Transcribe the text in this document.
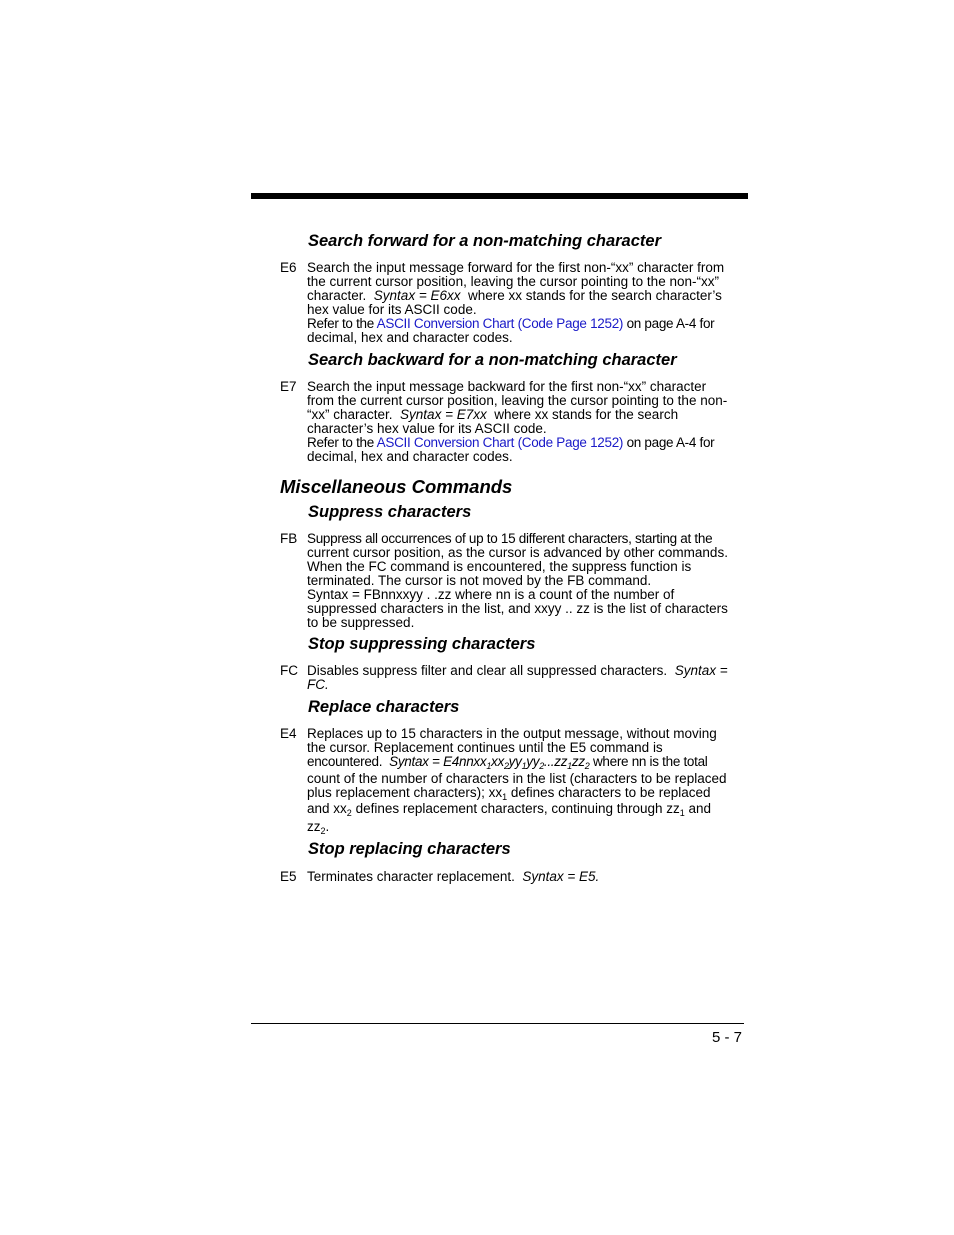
Search forward for a non-matching character
E6 Search the input message forward for the first non-“xx” character from
the current cursor position, leaving the cursor pointing to the non-“xx”
character. Syntax = E6xx where xx stands for the search character’s
hex value for its ASCII code.
Refer to the ASCII Conversion Chart (Code Page 1252) on page A-4 for
decimal, hex and character codes.
Search backward for a non-matching character
E7 Search the input message backward for the first non-“xx” character
from the current cursor position, leaving the cursor pointing to the non-
“xx” character. Syntax = E7xx where xx stands for the search
character’s hex value for its ASCII code.
Refer to the ASCII Conversion Chart (Code Page 1252) on page A-4 for
decimal, hex and character codes.
Miscellaneous Commands
Suppress characters
FB Suppress all occurrences of up to 15 different characters, starting at the
current cursor position, as the cursor is advanced by other commands.
When the FC command is encountered, the suppress function is
terminated. The cursor is not moved by the FB command.
Syntax = FBnnxxyy . .zz where nn is a count of the number of
suppressed characters in the list, and xxyy .. zz is the list of characters
to be suppressed.
Stop suppressing characters
FC Disables suppress filter and clear all suppressed characters. Syntax =
FC.
Replace characters
E4 Replaces up to 15 characters in the output message, without moving
the cursor. Replacement continues until the E5 command is
encountered. Syntax = $E4nnxx_1xx_2yy_1yy_2...zz_1zz_2$ where nn is the total
count of the number of characters in the list (characters to be replaced
plus replacement characters); $xx_1$ defines characters to be replaced
and $xx_2$ defines replacement characters, continuing through $zz_1$ and
$zz_2$.
Stop replacing characters
E5 Terminates character replacement. Syntax = E5.
5 - 7
